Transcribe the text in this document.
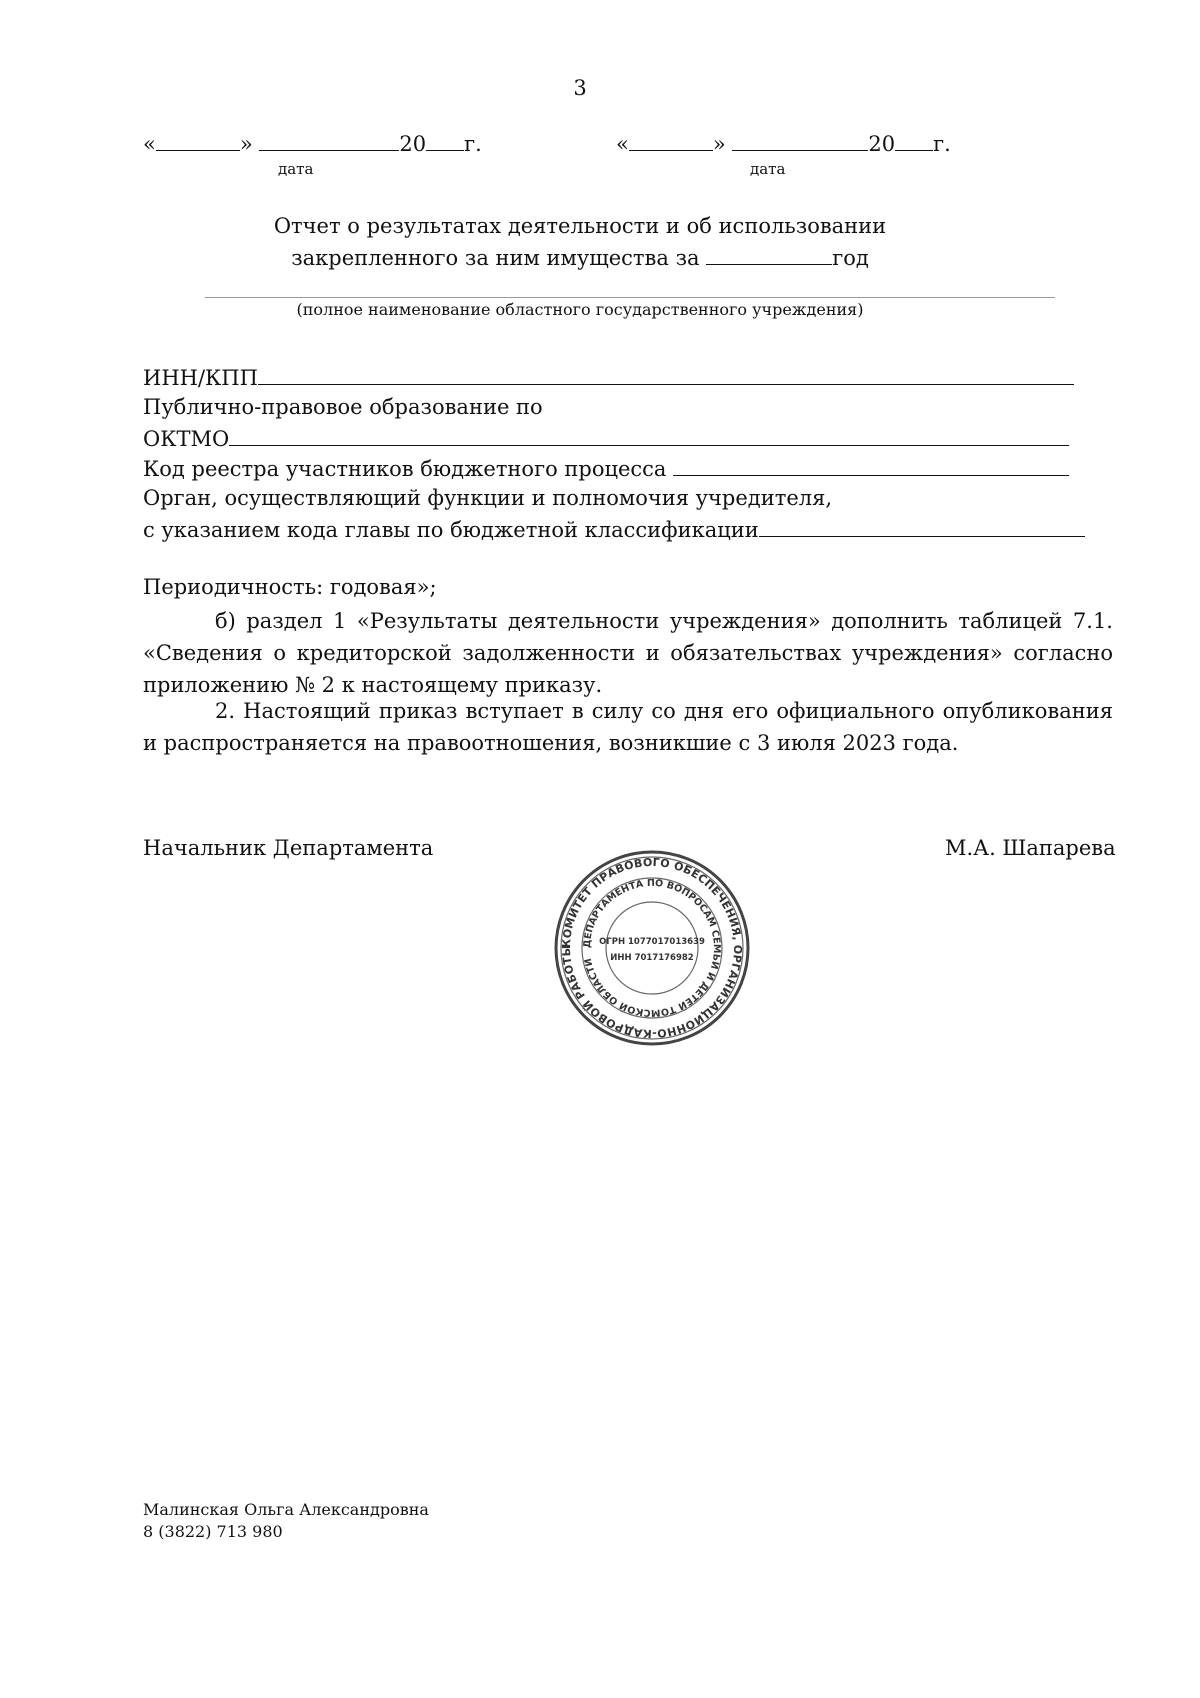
3
«	»	20 г.
дата
«	»	20 г.
дата
Отчет о результатах деятельности и об использовании
закрепленного за ним имущества за	год
(полное наименование областного государственного учреждения)
ИНН/КПП
Публично-правовое образование по
ОКТМО
Код реестра участников бюджетного процесса
Орган, осуществляющий функции и полномочия учредителя,
с указанием кода главы по бюджетной классификации
Периодичность: годовая»;
б) раздел 1 «Результаты деятельности учреждения» дополнить таблицей 7.1. «Сведения о кредиторской задолженности и обязательствах учреждения» согласно приложению № 2 к настоящему приказу.
2. Настоящий приказ вступает в силу со дня его официального опубликования и распространяется на правоотношения, возникшие с 3 июля 2023 года.
Начальник Департамента	М.А. Шапарева
КОМИТЕТ ПРАВОВОГО ОБЕСПЕЧЕНИЯ, ОРГАНИЗАЦИОННО-КАДРОВОЙ РАБОТЫ
ДЕПАРТАМЕНТА ПО ВОПРОСАМ СЕМЬИ И ДЕТЕЙ ТОМСКОЙ ОБЛАСТИ
ОГРН 1077017013639
ИНН 7017176982
Малинская Ольга Александровна
8 (3822) 713 980
